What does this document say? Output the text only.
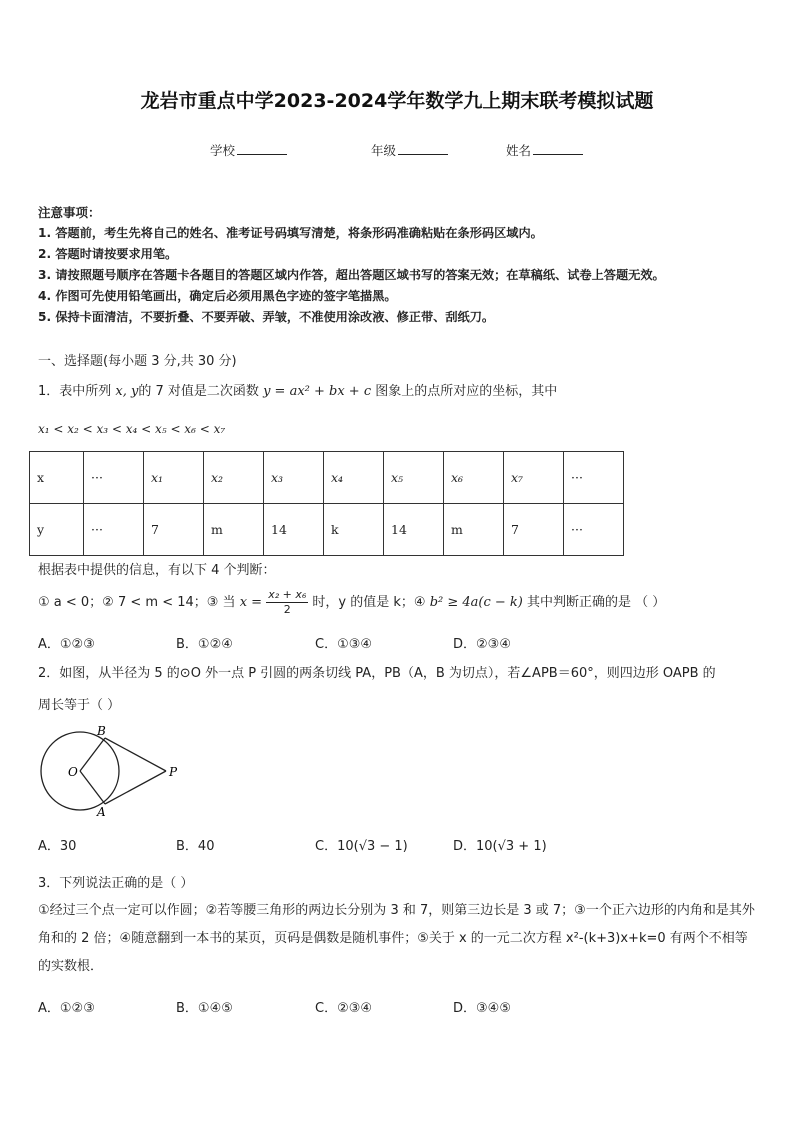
龙岩市重点中学2023-2024学年数学九上期末联考模拟试题
学校	年级	姓名
注意事项：
1. 答题前，考生先将自己的姓名、准考证号码填写清楚，将条形码准确粘贴在条形码区域内。
2. 答题时请按要求用笔。
3. 请按照题号顺序在答题卡各题目的答题区域内作答，超出答题区域书写的答案无效；在草稿纸、试卷上答题无效。
4. 作图可先使用铅笔画出，确定后必须用黑色字迹的签字笔描黑。
5. 保持卡面清洁，不要折叠、不要弄破、弄皱，不准使用涂改液、修正带、刮纸刀。
一、选择题(每小题 3 分,共 30 分)
1．表中所列 x, y的 7 对值是二次函数 y = ax² + bx + c 图象上的点所对应的坐标，其中
x₁ < x₂ < x₃ < x₄ < x₅ < x₆ < x₇
x	···	x₁	x₂	x₃	x₄	x₅	x₆	x₇	···
y	···	7	m	14	k	14	m	7	···
根据表中提供的信息，有以下 4 个判断：
① a < 0；② 7 < m < 14；③ 当 $x = \frac{\text{x₂ + x₆}}{2}$ 时，y 的值是 k；④ b² ≥ 4a(c − k) 其中判断正确的是 （ ）
A．①②③	B．①②④	C．①③④	D．②③④
2．如图，从半径为 5 的⊙O 外一点 P 引圆的两条切线 PA，PB（A，B 为切点），若∠APB＝60°，则四边形 OAPB 的
周长等于（ ）
B
O	P
A
A．30	B．40	C．10(√3 − 1)	D．10(√3 + 1)
3．下列说法正确的是（ ）
①经过三个点一定可以作圆；②若等腰三角形的两边长分别为 3 和 7，则第三边长是 3 或 7；③一个正六边形的内角和是其外角和的 2 倍；④随意翻到一本书的某页，页码是偶数是随机事件；⑤关于 x 的一元二次方程 x²-(k+3)x+k=0 有两个不相等的实数根．
A．①②③	B．①④⑤	C．②③④	D．③④⑤
